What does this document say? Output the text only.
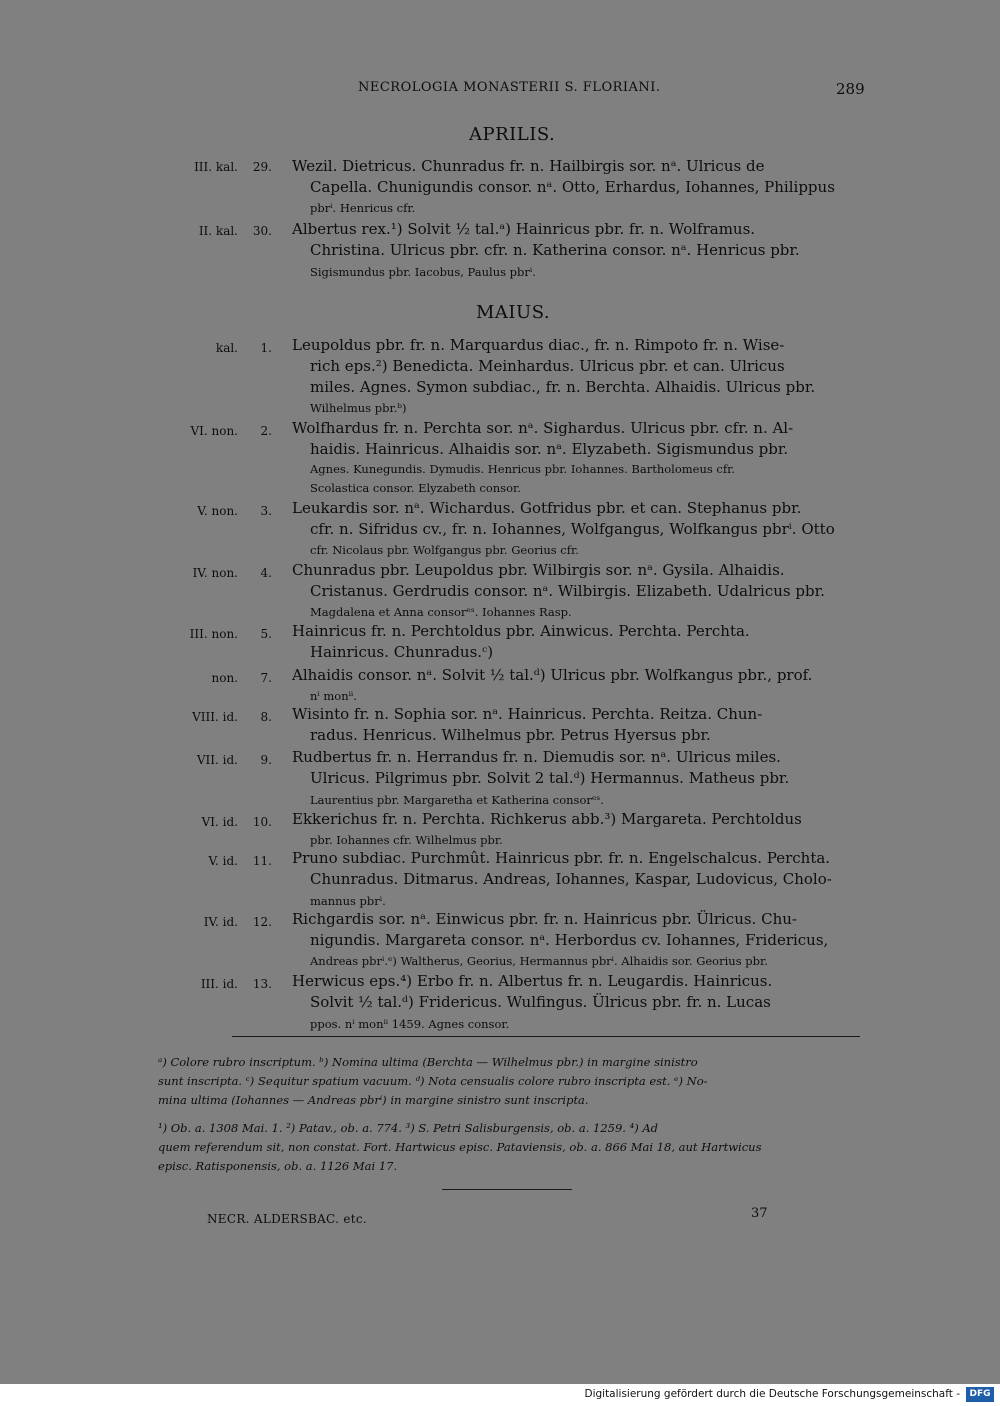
NECROLOGIA MONASTERII S. FLORIANI.	289
APRILIS.
III. kal.	29. Wezil. Dietricus. Chunradus fr. n. Hailbirgis sor. nᵃ. Ulricus de
Capella. Chunigundis consor. nᵃ. Otto, Erhardus, Iohannes, Philippus
pbrⁱ. Henricus cfr.
II. kal.	30. Albertus rex.¹) Solvit ½ tal.ᵃ) Hainricus pbr. fr. n. Wolframus.
Christina. Ulricus pbr. cfr. n. Katherina consor. nᵃ. Henricus pbr.
Sigismundus pbr. Iacobus, Paulus pbrⁱ.
MAIUS.
kal.	1. Leupoldus pbr. fr. n. Marquardus diac., fr. n. Rimpoto fr. n. Wise-
rich eps.²) Benedicta. Meinhardus. Ulricus pbr. et can. Ulricus
miles. Agnes. Symon subdiac., fr. n. Berchta. Alhaidis. Ulricus pbr.
Wilhelmus pbr.ᵇ)
VI. non.	2. Wolfhardus fr. n. Perchta sor. nᵃ. Sighardus. Ulricus pbr. cfr. n. Al-
haidis. Hainricus. Alhaidis sor. nᵃ. Elyzabeth. Sigismundus pbr.
Agnes. Kunegundis. Dymudis. Henricus pbr. Iohannes. Bartholomeus cfr.
Scolastica consor. Elyzabeth consor.
V. non.	3. Leukardis sor. nᵃ. Wichardus. Gotfridus pbr. et can. Stephanus pbr.
cfr. n. Sifridus cv., fr. n. Iohannes, Wolfgangus, Wolfkangus pbrⁱ. Otto
cfr. Nicolaus pbr. Wolfgangus pbr. Georius cfr.
IV. non.	4. Chunradus pbr. Leupoldus pbr. Wilbirgis sor. nᵃ. Gysila. Alhaidis.
Cristanus. Gerdrudis consor. nᵃ. Wilbirgis. Elizabeth. Udalricus pbr.
Magdalena et Anna consorᵉˢ. Iohannes Rasp.
III. non.	5. Hainricus fr. n. Perchtoldus pbr. Ainwicus. Perchta. Perchta.
Hainricus. Chunradus.ᶜ)
non.	7. Alhaidis consor. nᵃ. Solvit ½ tal.ᵈ) Ulricus pbr. Wolfkangus pbr., prof.
nⁱ monⁱⁱ.
VIII. id.	8. Wisinto fr. n. Sophia sor. nᵃ. Hainricus. Perchta. Reitza. Chun-
radus. Henricus. Wilhelmus pbr. Petrus Hyersus pbr.
VII. id.	9. Rudbertus fr. n. Herrandus fr. n. Diemudis sor. nᵃ. Ulricus miles.
Ulricus. Pilgrimus pbr. Solvit 2 tal.ᵈ) Hermannus. Matheus pbr.
Laurentius pbr. Margaretha et Katherina consorᵉˢ.
VI. id.	10. Ekkerichus fr. n. Perchta. Richkerus abb.³) Margareta. Perchtoldus
pbr. Iohannes cfr. Wilhelmus pbr.
V. id.	11. Pruno subdiac. Purchmût. Hainricus pbr. fr. n. Engelschalcus. Perchta.
Chunradus. Ditmarus. Andreas, Iohannes, Kaspar, Ludovicus, Cholo-
mannus pbrⁱ.
IV. id.	12. Richgardis sor. nᵃ. Einwicus pbr. fr. n. Hainricus pbr. Ülricus. Chu-
nigundis. Margareta consor. nᵃ. Herbordus cv. Iohannes, Fridericus,
Andreas pbrⁱ.ᵉ) Waltherus, Georius, Hermannus pbrⁱ. Alhaidis sor. Georius pbr.
III. id.	13. Herwicus eps.⁴) Erbo fr. n. Albertus fr. n. Leugardis. Hainricus.
Solvit ½ tal.ᵈ) Fridericus. Wulfingus. Ülricus pbr. fr. n. Lucas
ppos. nⁱ monⁱⁱ 1459. Agnes consor.
ᵃ) Colore rubro inscriptum. ᵇ) Nomina ultima (Berchta — Wilhelmus pbr.) in margine sinistro
sunt inscripta. ᶜ) Sequitur spatium vacuum. ᵈ) Nota censualis colore rubro inscripta est. ᵉ) No-
mina ultima (Iohannes — Andreas pbrⁱ) in margine sinistro sunt inscripta.
¹) Ob. a. 1308 Mai. 1. ²) Patav., ob. a. 774. ³) S. Petri Salisburgensis, ob. a. 1259. ⁴) Ad
quem referendum sit, non constat. Fort. Hartwicus episc. Pataviensis, ob. a. 866 Mai 18, aut Hartwicus
episc. Ratisponensis, ob. a. 1126 Mai 17.
NECR. ALDERSBAC. etc.	37
Digitalisierung gefördert durch die Deutsche Forschungsgemeinschaft -	DFG
